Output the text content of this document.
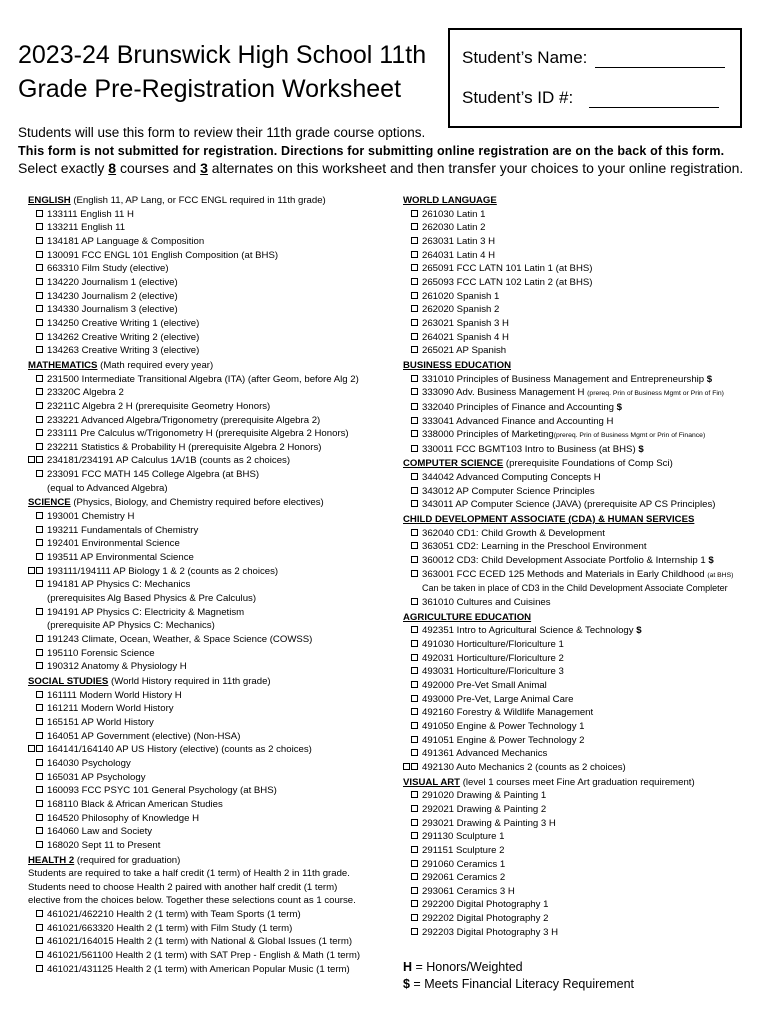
2023-24 Brunswick High School 11th
Grade Pre-Registration Worksheet
Student’s Name:
Student’s ID #:
Students will use this form to review their 11th grade course options.
This form is not submitted for registration. Directions for submitting online registration are on the back of this form.
Select exactly 8 courses and 3 alternates on this worksheet and then transfer your choices to your online registration.
ENGLISH (English 11, AP Lang, or FCC ENGL required in 11th grade)
133111 English 11 H
133211 English 11
134181 AP Language & Composition
130091 FCC ENGL 101 English Composition (at BHS)
663310 Film Study (elective)
134220 Journalism 1 (elective)
134230 Journalism 2 (elective)
134330 Journalism 3 (elective)
134250 Creative Writing 1 (elective)
134262 Creative Writing 2 (elective)
134263 Creative Writing 3 (elective)
MATHEMATICS (Math required every year)
231500 Intermediate Transitional Algebra (ITA) (after Geom, before Alg 2)
23320C Algebra 2
23211C Algebra 2 H (prerequisite Geometry Honors)
233221 Advanced Algebra/Trigonometry (prerequisite Algebra 2)
233111 Pre Calculus w/Trigonometry H (prerequisite Algebra 2 Honors)
232211 Statistics & Probability H (prerequisite Algebra 2 Honors)
234181/234191 AP Calculus 1A/1B (counts as 2 choices)
233091 FCC MATH 145 College Algebra (at BHS)
(equal to Advanced Algebra)
SCIENCE (Physics, Biology, and Chemistry required before electives)
193001 Chemistry H
193211 Fundamentals of Chemistry
192401 Environmental Science
193511 AP Environmental Science
193111/194111 AP Biology 1 & 2 (counts as 2 choices)
194181 AP Physics C: Mechanics
(prerequisites Alg Based Physics & Pre Calculus)
194191 AP Physics C: Electricity & Magnetism
(prerequisite AP Physics C: Mechanics)
191243 Climate, Ocean, Weather, & Space Science (COWSS)
195110 Forensic Science
190312 Anatomy & Physiology H
SOCIAL STUDIES (World History required in 11th grade)
161111 Modern World History H
161211 Modern World History
165151 AP World History
164051 AP Government (elective) (Non-HSA)
164141/164140 AP US History (elective) (counts as 2 choices)
164030 Psychology
165031 AP Psychology
160093 FCC PSYC 101 General Psychology (at BHS)
168110 Black & African American Studies
164520 Philosophy of Knowledge H
164060 Law and Society
168020 Sept 11 to Present
HEALTH 2 (required for graduation)
Students are required to take a half credit (1 term) of Health 2 in 11th grade.
Students need to choose Health 2 paired with another half credit (1 term)
elective from the choices below. Together these selections count as 1 course.
461021/462210 Health 2 (1 term) with Team Sports (1 term)
461021/663320 Health 2 (1 term) with Film Study (1 term)
461021/164015 Health 2 (1 term) with National & Global Issues (1 term)
461021/561100 Health 2 (1 term) with SAT Prep - English & Math (1 term)
461021/431125 Health 2 (1 term) with American Popular Music (1 term)
WORLD LANGUAGE
261030 Latin 1
262030 Latin 2
263031 Latin 3 H
264031 Latin 4 H
265091 FCC LATN 101 Latin 1 (at BHS)
265093 FCC LATN 102 Latin 2 (at BHS)
261020 Spanish 1
262020 Spanish 2
263021 Spanish 3 H
264021 Spanish 4 H
265021 AP Spanish
BUSINESS EDUCATION
331010 Principles of Business Management and Entrepreneurship $
333090 Adv. Business Management H (prereq. Prin of Business Mgmt or Prin of Fin)
332040 Principles of Finance and Accounting $
333041 Advanced Finance and Accounting H
338000 Principles of Marketing(prereq. Prin of Business Mgmt or Prin of Finance)
330011 FCC BGMT103 Intro to Business (at BHS) $
COMPUTER SCIENCE (prerequisite Foundations of Comp Sci)
344042 Advanced Computing Concepts H
343012 AP Computer Science Principles
343011 AP Computer Science (JAVA) (prerequisite AP CS Principles)
CHILD DEVELOPMENT ASSOCIATE (CDA) & HUMAN SERVICES
362040 CD1: Child Growth & Development
363051 CD2: Learning in the Preschool Environment
360012 CD3: Child Development Associate Portfolio & Internship 1 $
363001 FCC ECED 125 Methods and Materials in Early Childhood (at BHS)
Can be taken in place of CD3 in the Child Development Associate Completer
361010 Cultures and Cuisines
AGRICULTURE EDUCATION
492351 Intro to Agricultural Science & Technology $
491030 Horticulture/Floriculture 1
492031 Horticulture/Floriculture 2
493031 Horticulture/Floriculture 3
492000 Pre-Vet Small Animal
493000 Pre-Vet, Large Animal Care
492160 Forestry & Wildlife Management
491050 Engine & Power Technology 1
491051 Engine & Power Technology 2
491361 Advanced Mechanics
492130 Auto Mechanics 2 (counts as 2 choices)
VISUAL ART (level 1 courses meet Fine Art graduation requirement)
291020 Drawing & Painting 1
292021 Drawing & Painting 2
293021 Drawing & Painting 3 H
291130 Sculpture 1
291151 Sculpture 2
291060 Ceramics 1
292061 Ceramics 2
293061 Ceramics 3 H
292200 Digital Photography 1
292202 Digital Photography 2
292203 Digital Photography 3 H
H = Honors/Weighted
$ = Meets Financial Literacy Requirement
